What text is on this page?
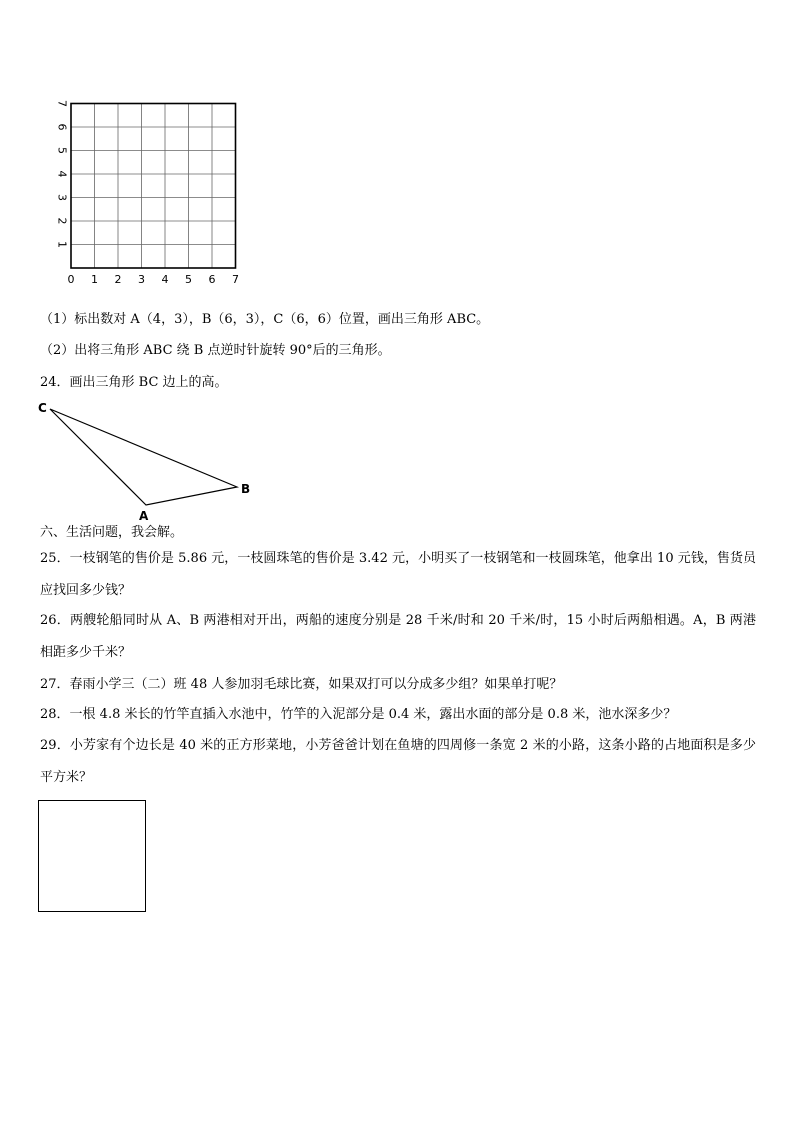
0 1 2 3 4 5 6 7
1
2
3
4
5
6
7
（1）标出数对 A（4，3），B（6，3），C（6，6）位置，画出三角形 ABC。
（2）出将三角形 ABC 绕 B 点逆时针旋转 90°后的三角形。
24．画出三角形 BC 边上的高。
C
B
A
六、生活问题，我会解。
25．一枝钢笔的售价是 5.86 元，一枝圆珠笔的售价是 3.42 元，小明买了一枝钢笔和一枝圆珠笔，他拿出 10 元钱，售货员应找回多少钱？
26．两艘轮船同时从 A、B 两港相对开出，两船的速度分别是 28 千米/时和 20 千米/时，15 小时后两船相遇。A，B 两港相距多少千米？
27．春雨小学三（二）班 48 人参加羽毛球比赛，如果双打可以分成多少组？如果单打呢？
28．一根 4.8 米长的竹竿直插入水池中，竹竿的入泥部分是 0.4 米，露出水面的部分是 0.8 米，池水深多少？
29．小芳家有个边长是 40 米的正方形菜地，小芳爸爸计划在鱼塘的四周修一条宽 2 米的小路，这条小路的占地面积是多少平方米？
